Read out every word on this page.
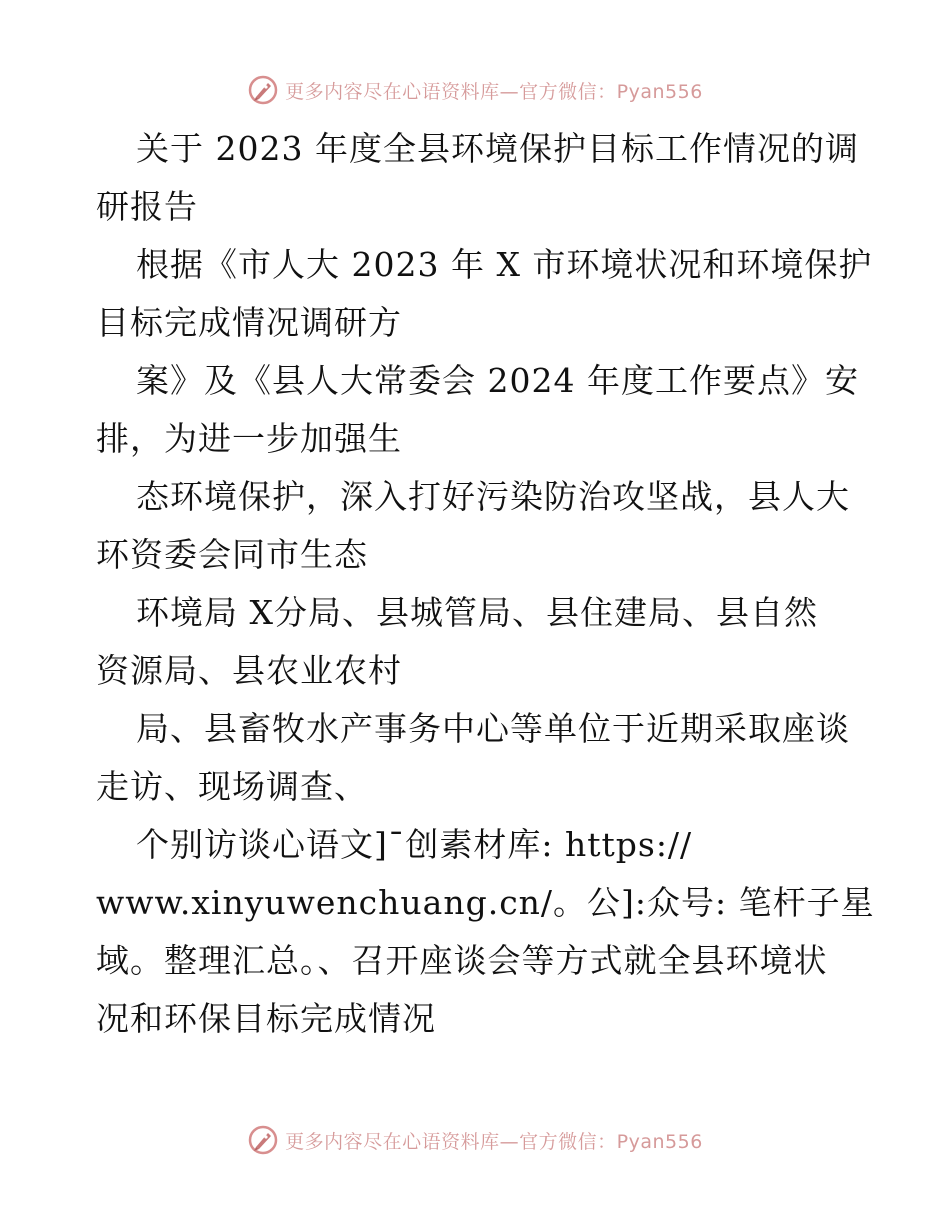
更多内容尽在心语资料库—官方微信：Pyan556
关于 2023 年度全县环境保护目标工作情况的调
研报告
根据《市人大 2023 年 X 市环境状况和环境保护
目标完成情况调研方
案》及《县人大常委会 2024 年度工作要点》安
排，为进一步加强生
态环境保护，深入打好污染防治攻坚战，县人大
环资委会同市生态
环境局 X分局、县城管局、县住建局、县自然
资源局、县农业农村
局、县畜牧水产事务中心等单位于近期采取座谈
走访、现场调查、
个别访谈心语文]¯创素材库: https://
www.xinyuwenchuang.cn/。公]:众号: 笔杆子星
域。整理汇总。、召开座谈会等方式就全县环境状
况和环保目标完成情况
更多内容尽在心语资料库—官方微信：Pyan556
